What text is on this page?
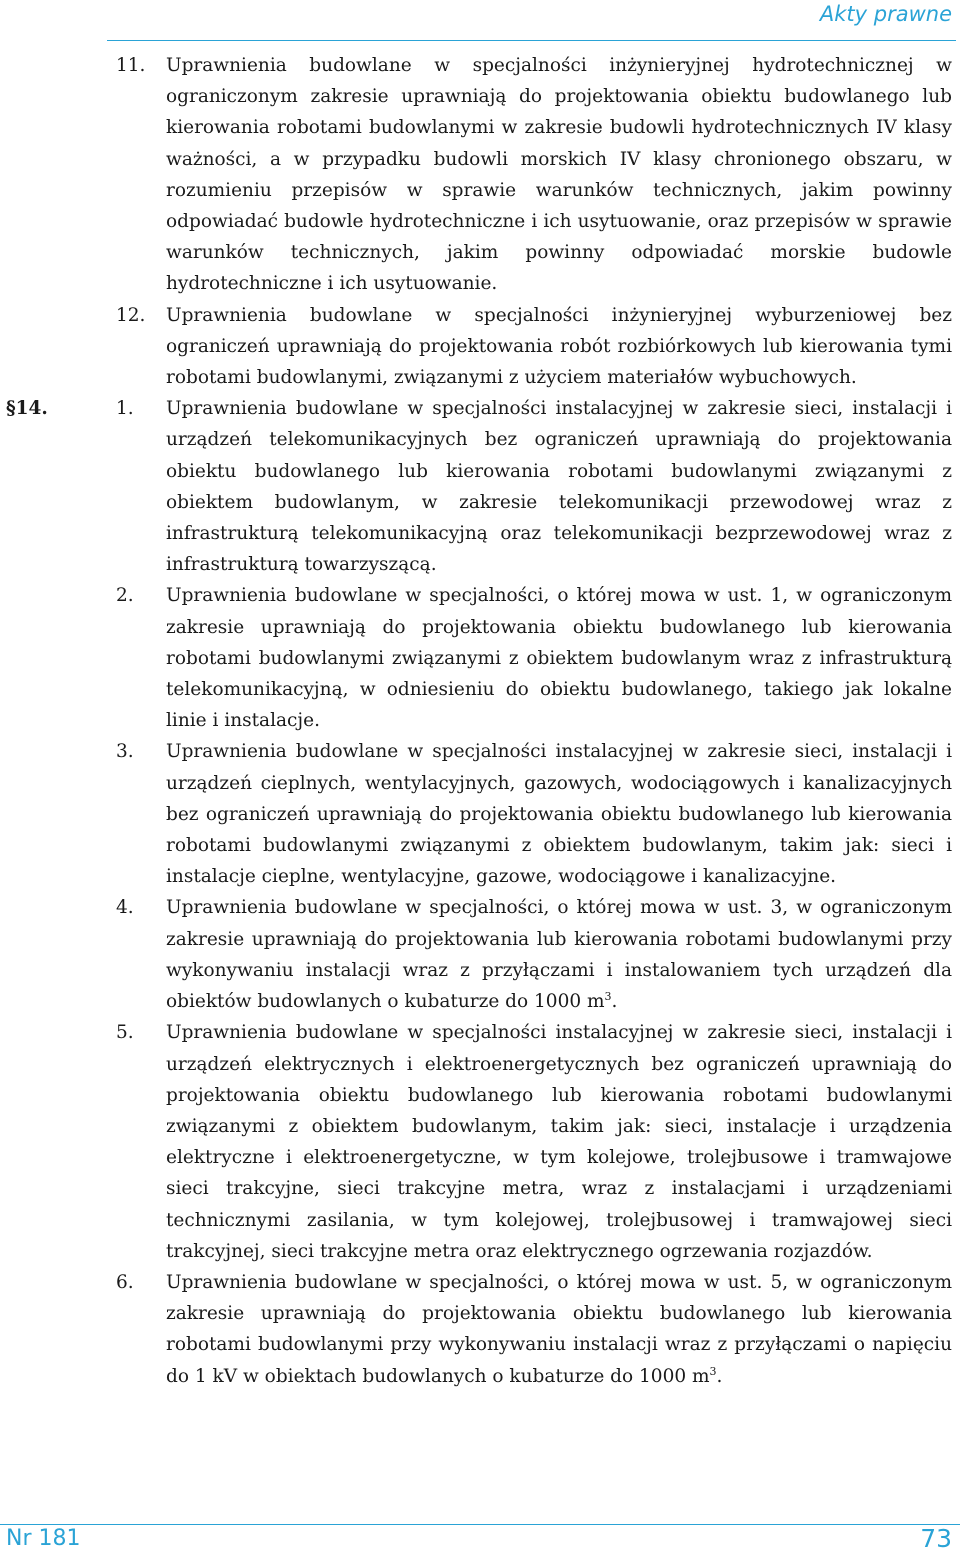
Akty prawne
11. Uprawnienia budowlane w specjalności inżynieryjnej hydrotechnicznej w ograniczonym zakresie uprawniają do projektowania obiektu budowlanego lub kierowania robotami budowlanymi w zakresie budowli hydrotechnicznych IV klasy ważności, a w przypadku budowli morskich IV klasy chronionego obszaru, w rozumieniu przepisów w sprawie warunków technicznych, jakim powinny odpowiadać budowle hydrotechniczne i ich usytuowanie, oraz przepisów w sprawie warunków technicznych, jakim powinny odpowiadać morskie budowle hydrotechniczne i ich usytuowanie.
12. Uprawnienia budowlane w specjalności inżynieryjnej wyburzeniowej bez ograniczeń uprawniają do projektowania robót rozbiórkowych lub kierowania tymi robotami budowlanymi, związanymi z użyciem materiałów wybuchowych.
§14.	1. Uprawnienia budowlane w specjalności instalacyjnej w zakresie sieci, instalacji i urządzeń telekomunikacyjnych bez ograniczeń uprawniają do projektowania obiektu budowlanego lub kierowania robotami budowlanymi związanymi z obiektem budowlanym, w zakresie telekomunikacji przewodowej wraz z infrastrukturą telekomunikacyjną oraz telekomunikacji bezprzewodowej wraz z infrastrukturą towarzyszącą.
2. Uprawnienia budowlane w specjalności, o której mowa w ust. 1, w ograniczonym zakresie uprawniają do projektowania obiektu budowlanego lub kierowania robotami budowlanymi związanymi z obiektem budowlanym wraz z infrastrukturą telekomunikacyjną, w odniesieniu do obiektu budowlanego, takiego jak lokalne linie i instalacje.
3. Uprawnienia budowlane w specjalności instalacyjnej w zakresie sieci, instalacji i urządzeń cieplnych, wentylacyjnych, gazowych, wodociągowych i kanalizacyjnych bez ograniczeń uprawniają do projektowania obiektu budowlanego lub kierowania robotami budowlanymi związanymi z obiektem budowlanym, takim jak: sieci i instalacje cieplne, wentylacyjne, gazowe, wodociągowe i kanalizacyjne.
4. Uprawnienia budowlane w specjalności, o której mowa w ust. 3, w ograniczonym zakresie uprawniają do projektowania lub kierowania robotami budowlanymi przy wykonywaniu instalacji wraz z przyłączami i instalowaniem tych urządzeń dla obiektów budowlanych o kubaturze do 1000 $m^3$.
5. Uprawnienia budowlane w specjalności instalacyjnej w zakresie sieci, instalacji i urządzeń elektrycznych i elektroenergetycznych bez ograniczeń uprawniają do projektowania obiektu budowlanego lub kierowania robotami budowlanymi związanymi z obiektem budowlanym, takim jak: sieci, instalacje i urządzenia elektryczne i elektroenergetyczne, w tym kolejowe, trolejbusowe i tramwajowe sieci trakcyjne, sieci trakcyjne metra, wraz z instalacjami i urządzeniami technicznymi zasilania, w tym kolejowej, trolejbusowej i tramwajowej sieci trakcyjnej, sieci trakcyjne metra oraz elektrycznego ogrzewania rozjazdów.
6. Uprawnienia budowlane w specjalności, o której mowa w ust. 5, w ograniczonym zakresie uprawniają do projektowania obiektu budowlanego lub kierowania robotami budowlanymi przy wykonywaniu instalacji wraz z przyłączami o napięciu do 1 kV w obiektach budowlanych o kubaturze do 1000 $m^3$.
Nr 181	73
